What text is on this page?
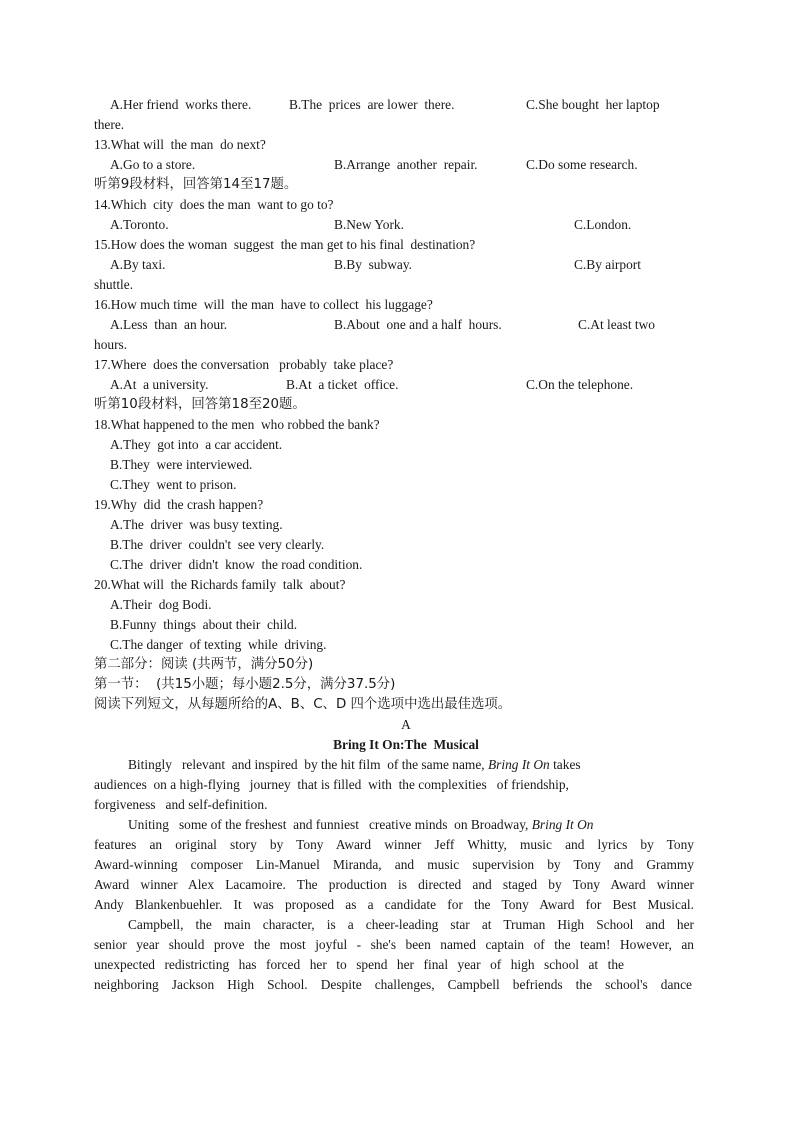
A.Her friend  works there.	B.The  prices  are lower  there.	C.She bought  her laptop
there.
13.What will  the man  do next?
A.Go to a store.	B.Arrange  another  repair.	C.Do some research.
听第9段材料，回答第14至17题。
14.Which  city  does the man  want to go to?
A.Toronto.	B.New York.	C.London.
15.How does the woman  suggest  the man get to his final  destination?
A.By taxi.	B.By  subway.	C.By airport
shuttle.
16.How much time  will  the man  have to collect  his luggage?
A.Less  than  an hour.	B.About  one and a half  hours.	C.At least two
hours.
17.Where  does the conversation   probably  take place?
A.At  a university.	B.At  a ticket  office.	C.On the telephone.
听第10段材料，回答第18至20题。
18.What happened to the men  who robbed the bank?
A.They  got into  a car accident.
B.They  were interviewed.
C.They  went to prison.
19.Why  did  the crash happen?
A.The  driver  was busy texting.
B.The  driver  couldn't  see very clearly.
C.The  driver  didn't  know  the road condition.
20.What will  the Richards family  talk  about?
A.Their  dog Bodi.
B.Funny  things  about their  child.
C.The danger  of texting  while  driving.
第二部分：阅读 (共两节，满分50分)
第一节：  (共15小题；每小题2.5分，满分37.5分)
阅读下列短文，从每题所给的A、B、C、D 四个选项中选出最佳选项。
A
Bring It On:The  Musical
Bitingly   relevant  and inspired  by the hit film  of the same name, Bring It On takes
audiences  on a high-flying   journey  that is filled  with  the complexities   of friendship,
forgiveness   and self-definition.
Uniting   some of the freshest  and funniest   creative minds  on Broadway, Bring It On
features an original story by Tony Award winner Jeff Whitty, music and lyrics by Tony
Award-winning composer Lin-Manuel Miranda, and music supervision by Tony and Grammy
Award winner Alex Lacamoire. The production is directed and staged by Tony Award winner
Andy Blankenbuehler. It was proposed as a candidate for the Tony Award for Best Musical.
Campbell, the main character, is a cheer-leading star at Truman High School and her
senior year should prove the most joyful - she's been named captain of the team! However, an
unexpected redistricting has forced her to spend her final year of high school at the
neighboring Jackson High School. Despite challenges, Campbell befriends the school's dance
